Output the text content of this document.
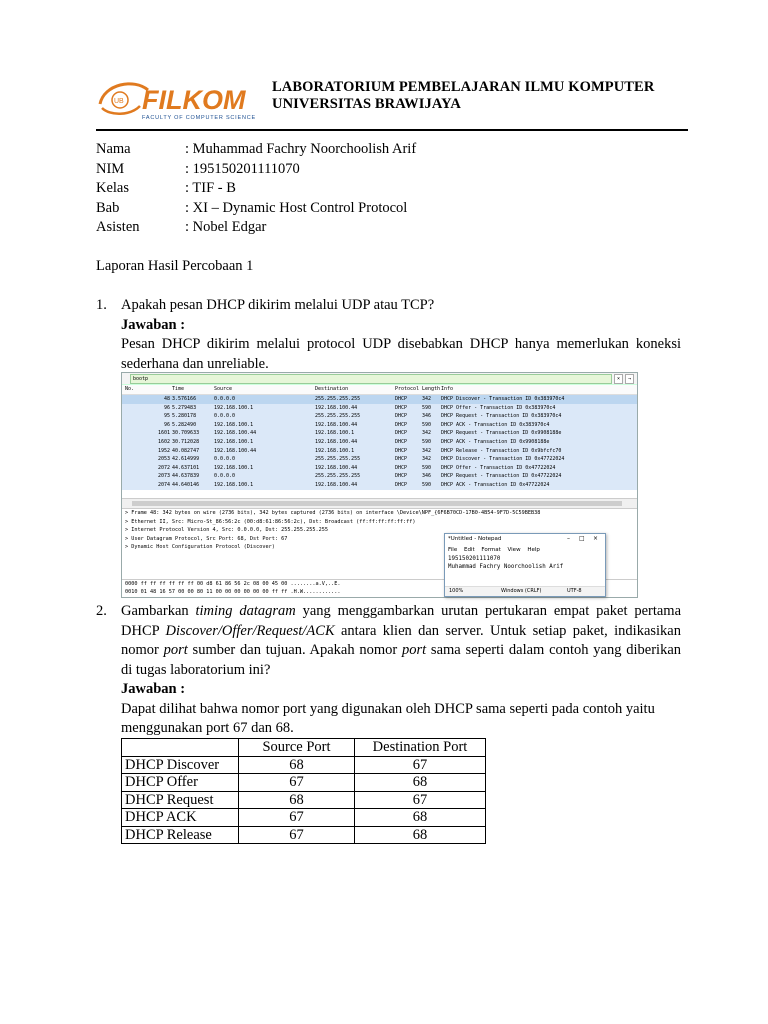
UB FILKOM
FACULTY OF COMPUTER SCIENCE
LABORATORIUM PEMBELAJARAN ILMU KOMPUTER
UNIVERSITAS BRAWIJAYA
Nama	: Muhammad Fachry Noorchoolish Arif
NIM	: 195150201111070
Kelas	: TIF - B
Bab	: XI – Dynamic Host Control Protocol
Asisten	: Nobel Edgar
Laporan Hasil Percobaan 1
1. Apakah pesan DHCP dikirim melalui UDP atau TCP?
Jawaban :
Pesan DHCP dikirim melalui protocol UDP disebabkan DHCP hanya memerlukan koneksi sederhana dan unreliable.
bootp	×	→
No.	Time	Source	Destination	Protocol Length Info
48 3.576166	0.0.0.0	255.255.255.255	DHCP	342 DHCP Discover - Transaction ID 0x383970c4
96 5.279483	192.168.100.1	192.168.100.44	DHCP	590 DHCP Offer - Transaction ID 0x383970c4
95 5.280178	0.0.0.0	255.255.255.255	DHCP	346 DHCP Request - Transaction ID 0x383970c4
96 5.282490	192.168.100.1	192.168.100.44	DHCP	590 DHCP ACK - Transaction ID 0x383970c4
1601 30.709633	192.168.100.44	192.168.100.1	DHCP	342 DHCP Request - Transaction ID 0x9908188e
1602 30.712028	192.168.100.1	192.168.100.44	DHCP	590 DHCP ACK - Transaction ID 0x9908188e
1952 40.082747	192.168.100.44	192.168.100.1	DHCP	342 DHCP Release - Transaction ID 0x9bfcfc70
2053 42.614999	0.0.0.0	255.255.255.255	DHCP	342 DHCP Discover - Transaction ID 0x47722024
2072 44.637101	192.168.100.1	192.168.100.44	DHCP	590 DHCP Offer - Transaction ID 0x47722024
2073 44.637839	0.0.0.0	255.255.255.255	DHCP	346 DHCP Request - Transaction ID 0x47722024
2074 44.640146	192.168.100.1	192.168.100.44	DHCP	590 DHCP ACK - Transaction ID 0x47722024
> Frame 48: 342 bytes on wire (2736 bits), 342 bytes captured (2736 bits) on interface \Device\NPF_{6F6B70CD-17B0-4B54-9F7D-5C59BEB38
> Ethernet II, Src: Micro-St_86:56:2c (00:d8:61:86:56:2c), Dst: Broadcast (ff:ff:ff:ff:ff:ff)
> Internet Protocol Version 4, Src: 0.0.0.0, Dst: 255.255.255.255
> User Datagram Protocol, Src Port: 68, Dst Port: 67
> Dynamic Host Configuration Protocol (Discover)
0000 ff ff ff ff ff ff 00 d8 61 86 56 2c 08 00 45 00 ........a.V,..E.
0010 01 48 16 57 00 00 80 11 00 00 00 00 00 00 ff ff .H.W............
*Untitled - Notepad	– □ ×
File Edit Format View Help
195150201111070
Muhammad Fachry Noorchoolish Arif
100%	Windows (CRLF)	UTF-8
2. Gambarkan timing datagram yang menggambarkan urutan pertukaran empat paket pertama DHCP Discover/Offer/Request/ACK antara klien dan server. Untuk setiap paket, indikasikan nomor port sumber dan tujuan. Apakah nomor port sama seperti dalam contoh yang diberikan di tugas laboratorium ini?
Jawaban :
Dapat dilihat bahwa nomor port yang digunakan oleh DHCP sama seperti pada contoh yaitu menggunakan port 67 dan 68.
	Source Port	Destination Port
DHCP Discover	68	67
DHCP Offer	67	68
DHCP Request	68	67
DHCP ACK	67	68
DHCP Release	67	68
